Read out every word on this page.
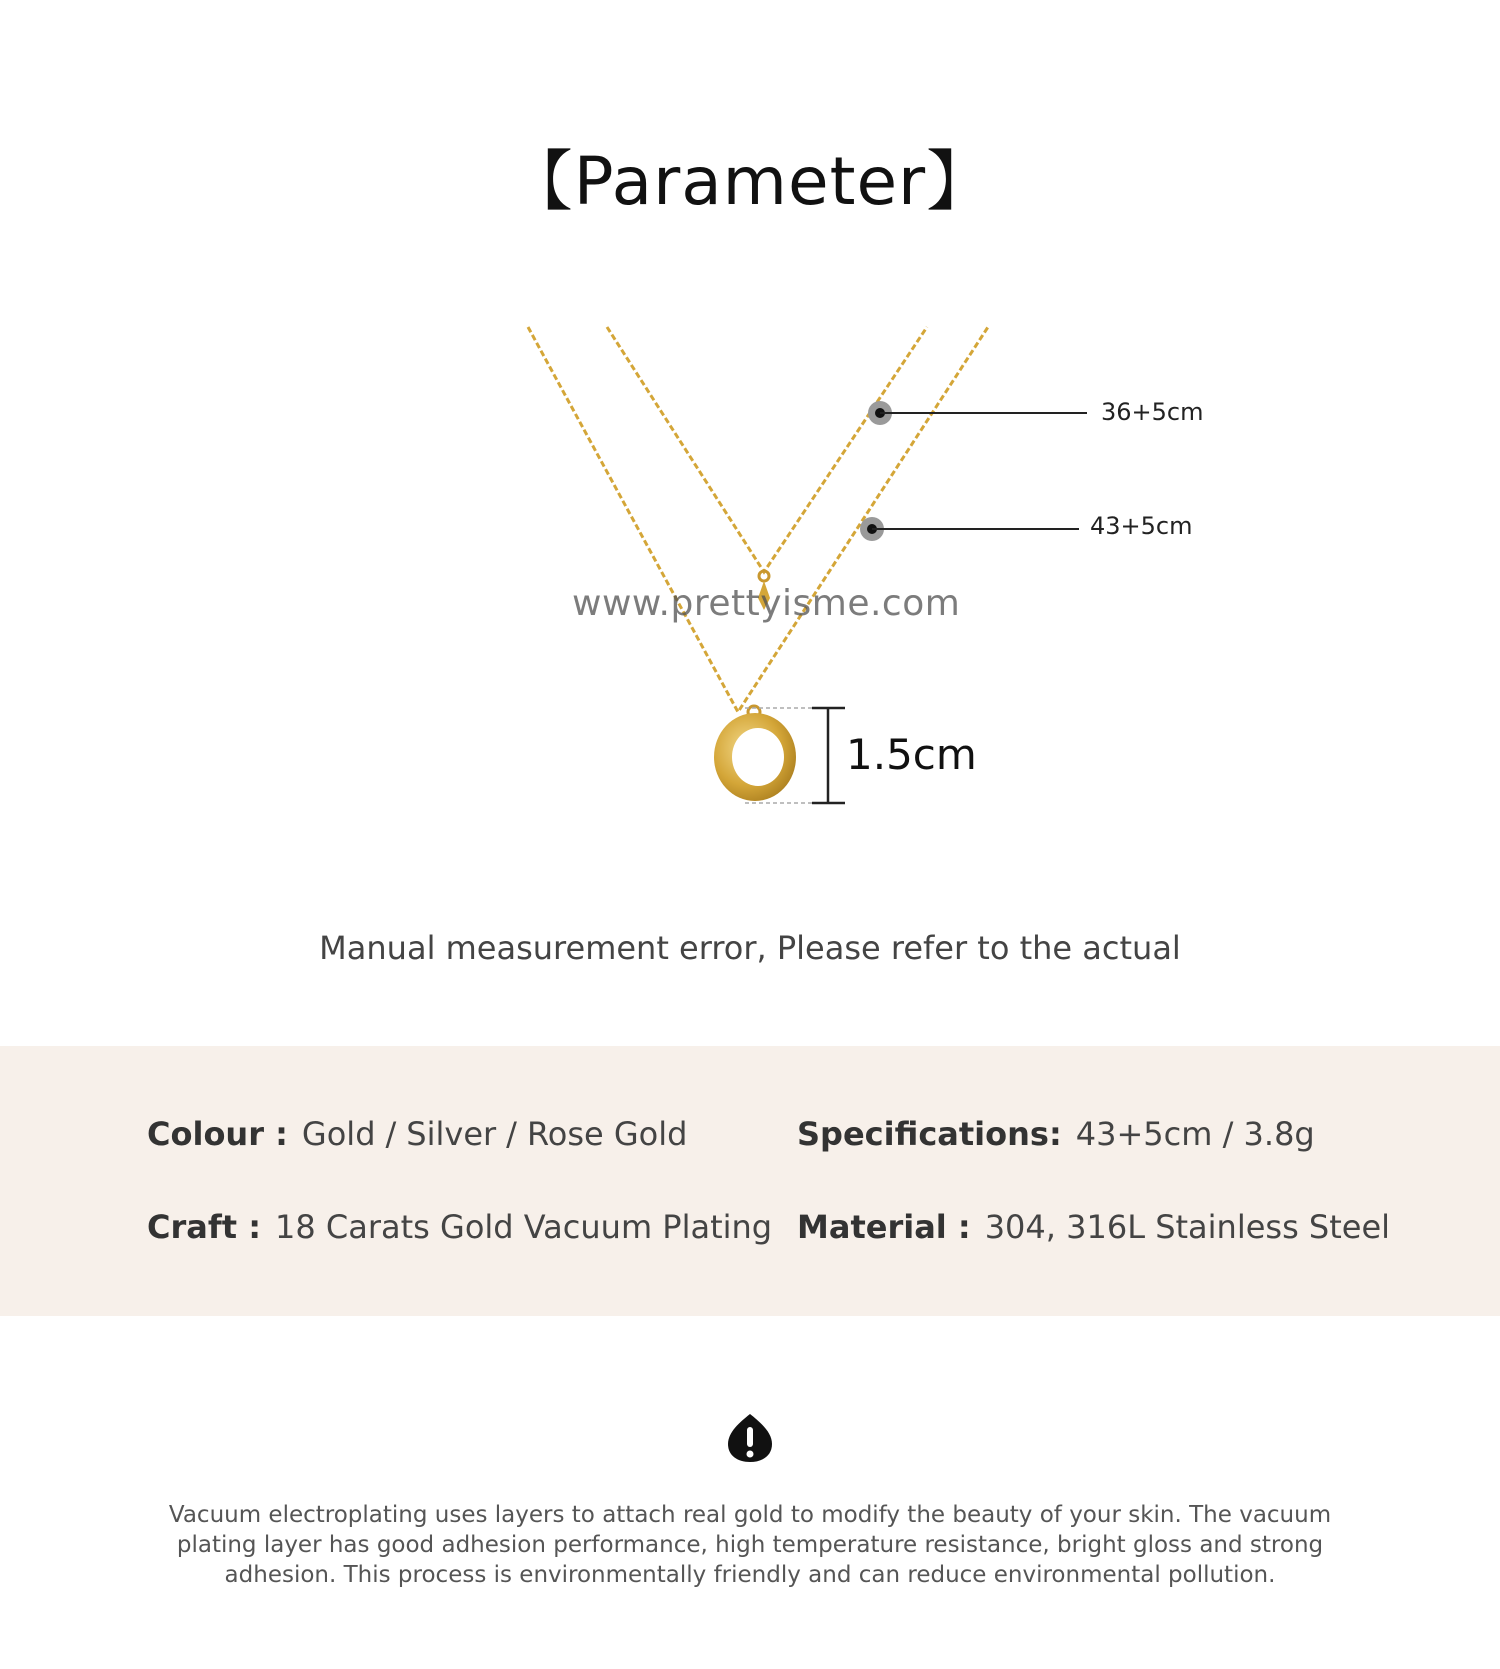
【Parameter】
36+5cm
43+5cm
1.5cm
www.prettyisme.com
Manual measurement error, Please refer to the actual
Colour : Gold / Silver / Rose Gold	Specifications: 43+5cm / 3.8g
Craft : 18 Carats Gold Vacuum Plating Material : 304, 316L Stainless Steel
Vacuum electroplating uses layers to attach real gold to modify the beauty of your skin. The vacuum plating layer has good adhesion performance, high temperature resistance, bright gloss and strong adhesion. This process is environmentally friendly and can reduce environmental pollution.
